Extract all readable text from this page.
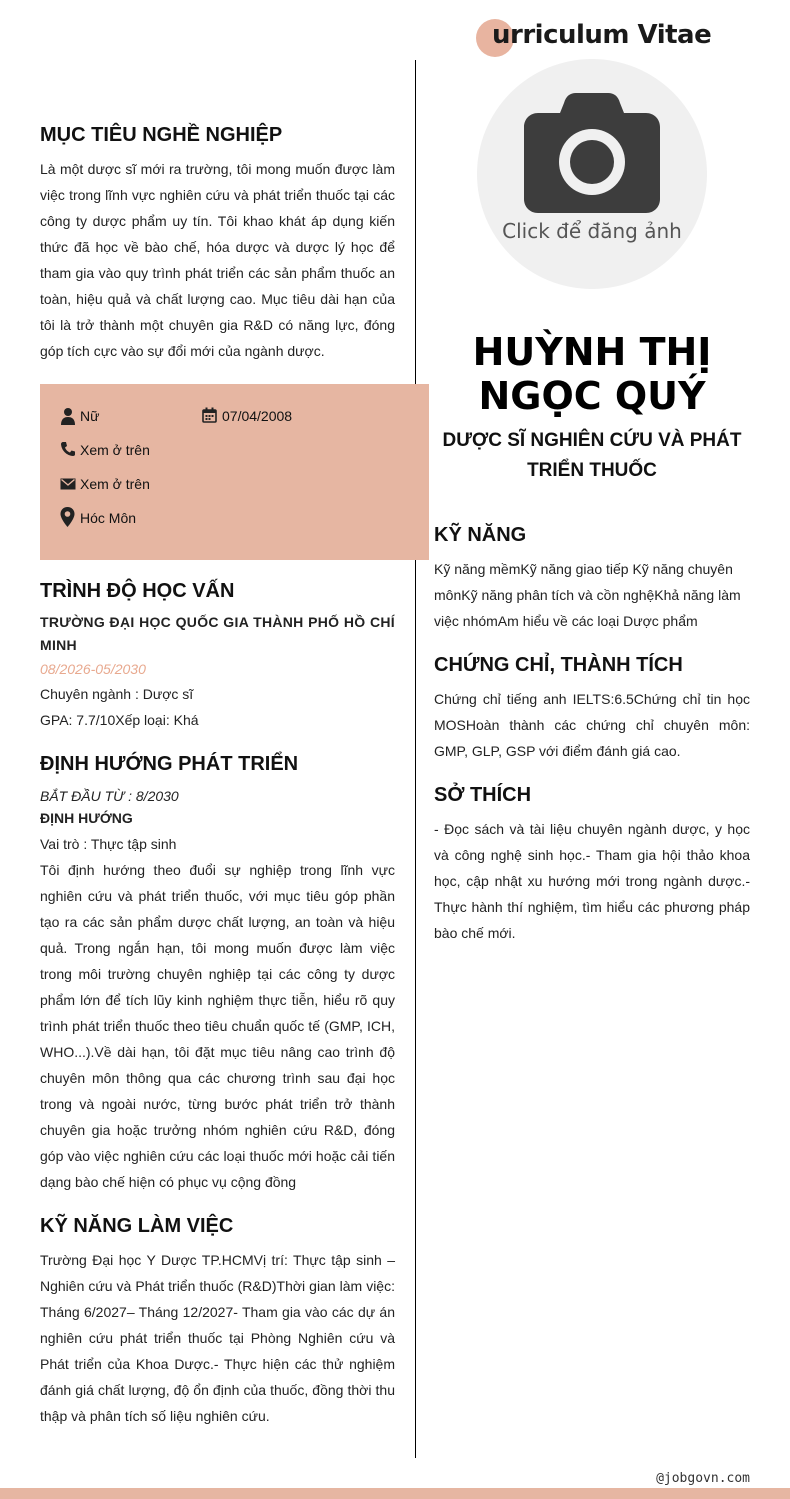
urriculum Vitae
MỤC TIÊU NGHỀ NGHIỆP
Là một dược sĩ mới ra trường, tôi mong muốn được làm việc trong lĩnh vực nghiên cứu và phát triển thuốc tại các công ty dược phẩm uy tín. Tôi khao khát áp dụng kiến thức đã học về bào chế, hóa dược và dược lý học để tham gia vào quy trình phát triển các sản phẩm thuốc an toàn, hiệu quả và chất lượng cao. Mục tiêu dài hạn của tôi là trở thành một chuyên gia R&D có năng lực, đóng góp tích cực vào sự đổi mới của ngành dược.
Nữ	07/04/2008
Xem ở trên
Xem ở trên
Hóc Môn
TRÌNH ĐỘ HỌC VẤN
TRƯỜNG ĐẠI HỌC QUỐC GIA THÀNH PHỐ HỒ CHÍ MINH
08/2026-05/2030
Chuyên ngành : Dược sĩ
GPA: 7.7/10Xếp loại: Khá
ĐỊNH HƯỚNG PHÁT TRIỂN
BẮT ĐẦU TỪ : 8/2030
ĐỊNH HƯỚNG
Vai trò : Thực tập sinh
Tôi định hướng theo đuổi sự nghiệp trong lĩnh vực nghiên cứu và phát triển thuốc, với mục tiêu góp phần tạo ra các sản phẩm dược chất lượng, an toàn và hiệu quả. Trong ngắn hạn, tôi mong muốn được làm việc trong môi trường chuyên nghiệp tại các công ty dược phẩm lớn để tích lũy kinh nghiệm thực tiễn, hiểu rõ quy trình phát triển thuốc theo tiêu chuẩn quốc tế (GMP, ICH, WHO...).Về dài hạn, tôi đặt mục tiêu nâng cao trình độ chuyên môn thông qua các chương trình sau đại học trong và ngoài nước, từng bước phát triển trở thành chuyên gia hoặc trưởng nhóm nghiên cứu R&D, đóng góp vào việc nghiên cứu các loại thuốc mới hoặc cải tiến dạng bào chế hiện có phục vụ cộng đồng
KỸ NĂNG LÀM VIỆC
Trường Đại học Y Dược TP.HCMVị trí: Thực tập sinh – Nghiên cứu và Phát triển thuốc (R&D)Thời gian làm việc: Tháng 6/2027– Tháng 12/2027- Tham gia vào các dự án nghiên cứu phát triển thuốc tại Phòng Nghiên cứu và Phát triển của Khoa Dược.- Thực hiện các thử nghiệm đánh giá chất lượng, độ ổn định của thuốc, đồng thời thu thập và phân tích số liệu nghiên cứu.
Click để đăng ảnh
HUỲNH THỊ
NGỌC QUÝ
DƯỢC SĨ NGHIÊN CỨU VÀ PHÁT TRIỂN THUỐC
KỸ NĂNG
Kỹ năng mềmKỹ năng giao tiếp Kỹ năng chuyên mônKỹ năng phân tích và cồn nghệKhả năng làm việc nhómAm hiểu về các loại Dược phẩm
CHỨNG CHỈ, THÀNH TÍCH
Chứng chỉ tiếng anh IELTS:6.5Chứng chỉ tin học MOSHoàn thành các chứng chỉ chuyên môn: GMP, GLP, GSP với điểm đánh giá cao.
SỞ THÍCH
- Đọc sách và tài liệu chuyên ngành dược, y học và công nghệ sinh học.- Tham gia hội thảo khoa học, cập nhật xu hướng mới trong ngành dược.- Thực hành thí nghiệm, tìm hiểu các phương pháp bào chế mới.
@jobgovn.com
